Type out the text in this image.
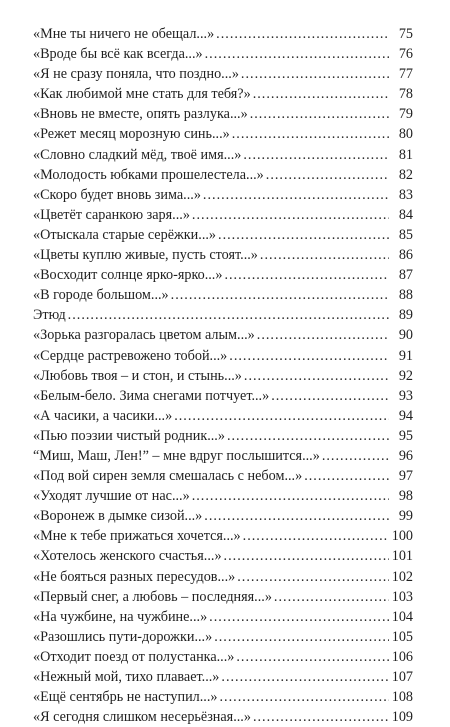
«Мне ты ничего не обещал...» .....	75
«Вроде бы всё как всегда...» .....	76
«Я не сразу поняла, что поздно...» .....	77
«Как любимой мне стать для тебя?» .....	78
«Вновь не вместе, опять разлука...» .....	79
«Режет месяц морозную синь...» .....	80
«Словно сладкий мёд, твоё имя...» .....	81
«Молодость юбками прошелестела...» .....	82
«Скоро будет вновь зима...» .....	83
«Цветёт саранкою заря...» .....	84
«Отыскала старые серёжки...» .....	85
«Цветы куплю живые, пусть стоят...» .....	86
«Восходит солнце ярко-ярко...» .....	87
«В городе большом...» .....	88
Этюд .....	89
«Зорька разгоралась цветом алым...» .....	90
«Сердце растревожено тобой...» .....	91
«Любовь твоя – и стон, и стынь...» .....	92
«Белым-бело. Зима снегами потчует...» .....	93
«А часики, а часики...» .....	94
«Пью поэзии чистый родник...» .....	95
“Миш, Маш, Лен!” – мне вдруг послышится...» .....	96
«Под вой сирен земля смешалась с небом...» .....	97
«Уходят лучшие от нас...» .....	98
«Воронеж в дымке сизой...» .....	99
«Мне к тебе прижаться хочется...» .....	100
«Хотелось женского счастья...» .....	101
«Не бояться разных пересудов...» .....	102
«Первый снег, а любовь – последняя...» .....	103
«На чужбине, на чужбине...» .....	104
«Разошлись пути-дорожки...» .....	105
«Отходит поезд от полустанка...» .....	106
«Нежный мой, тихо плавает...» .....	107
«Ещё сентябрь не наступил...» .....	108
«Я сегодня слишком несерьёзная...» .....	109
